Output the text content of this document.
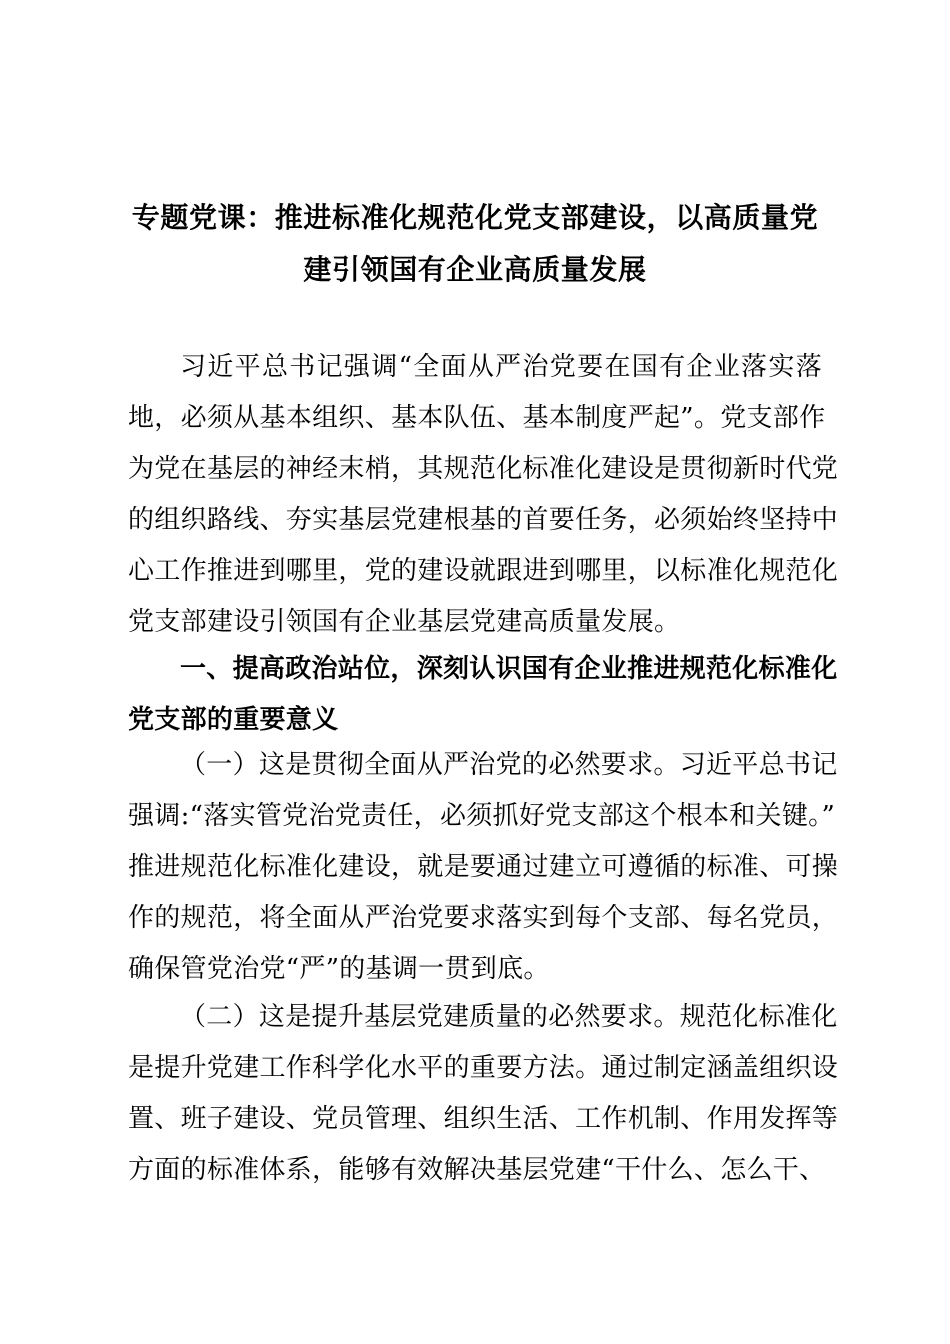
专题党课：推进标准化规范化党支部建设，以高质量党
建引领国有企业高质量发展
习近平总书记强调“全面从严治党要在国有企业落实落
地，必须从基本组织、基本队伍、基本制度严起”。党支部作
为党在基层的神经末梢，其规范化标准化建设是贯彻新时代党
的组织路线、夯实基层党建根基的首要任务，必须始终坚持中
心工作推进到哪里，党的建设就跟进到哪里，以标准化规范化
党支部建设引领国有企业基层党建高质量发展。
一、提高政治站位，深刻认识国有企业推进规范化标准化
党支部的重要意义
（一）这是贯彻全面从严治党的必然要求。习近平总书记
强调:“落实管党治党责任，必须抓好党支部这个根本和关键。”
推进规范化标准化建设，就是要通过建立可遵循的标准、可操
作的规范，将全面从严治党要求落实到每个支部、每名党员，
确保管党治党“严”的基调一贯到底。
（二）这是提升基层党建质量的必然要求。规范化标准化
是提升党建工作科学化水平的重要方法。通过制定涵盖组织设
置、班子建设、党员管理、组织生活、工作机制、作用发挥等
方面的标准体系，能够有效解决基层党建“干什么、怎么干、
